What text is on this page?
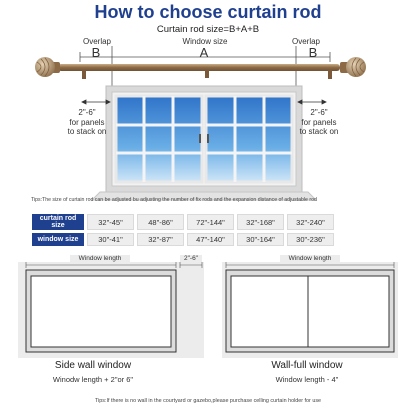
How to choose curtain rod
Curtain rod size=B+A+B
Overlap	Overlap
Window size
B	A	B
2"-6"
for panels
to stack on
2"-6"
for panels
to stack on
Tips:The size of curtain rod can be adjusted bu adjusting the number of fix rods and the expansion distance of adjustable rod
curtain rod size	32"-45"	48"-86"	72"-144"	32"-168"	32"-240"
window size	30"-41"	32"-87"	47"-140"	30"-164"	30"-236"
Window length	2"-6"	Window length
Side wall window
Winodw length + 2"or 6"
Wall-full window
Window length - 4"
Tips:If there is no wall in the courtyard or gazebo,please purchase celling curtain holder for use
